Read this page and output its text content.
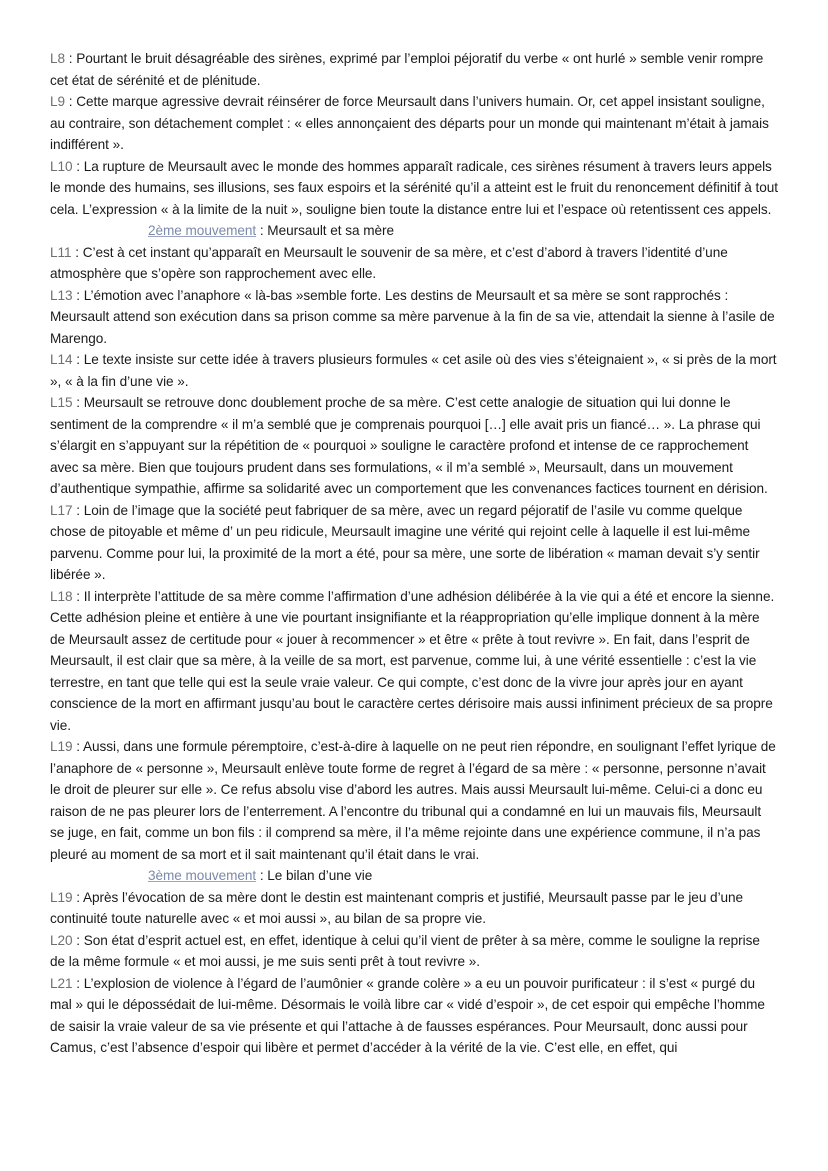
L8 : Pourtant le bruit désagréable des sirènes, exprimé par l’emploi péjoratif du verbe « ont hurlé » semble venir rompre cet état de sérénité et de plénitude.

L9 : Cette marque agressive devrait réinsérer de force Meursault dans l’univers humain. Or, cet appel insistant souligne, au contraire, son détachement complet : « elles annonçaient des départs pour un monde qui maintenant m’était à jamais indifférent ».

L10 : La rupture de Meursault avec le monde des hommes apparaît radicale, ces sirènes résument à travers leurs appels le monde des humains, ses illusions, ses faux espoirs et la sérénité qu’il a atteint est le fruit du renoncement définitif à tout cela. L’expression « à la limite de la nuit », souligne bien toute la distance entre lui et l’espace où retentissent ces appels.

2ème mouvement : Meursault et sa mère

L11 : C’est à cet instant qu’apparaît en Meursault le souvenir de sa mère, et c’est d’abord à travers l’identité d’une atmosphère que s’opère son rapprochement avec elle.

L13 : L’émotion avec l’anaphore « là-bas »semble forte. Les destins de Meursault et sa mère se sont rapprochés : Meursault attend son exécution dans sa prison comme sa mère parvenue à la fin de sa vie, attendait la sienne à l’asile de Marengo.

L14 : Le texte insiste sur cette idée à travers plusieurs formules « cet asile où des vies s’éteignaient », « si près de la mort », « à la fin d’une vie ».

L15 : Meursault se retrouve donc doublement proche de sa mère. C’est cette analogie de situation qui lui donne le sentiment de la comprendre « il m’a semblé que je comprenais pourquoi […] elle avait pris un fiancé… ». La phrase qui s’élargit en s’appuyant sur la répétition de « pourquoi » souligne le caractère profond et intense de ce rapprochement avec sa mère. Bien que toujours prudent dans ses formulations, « il m’a semblé », Meursault, dans un mouvement d’authentique sympathie, affirme sa solidarité avec un comportement que les convenances factices tournent en dérision.

L17 : Loin de l’image que la société peut fabriquer de sa mère, avec un regard péjoratif de l’asile vu comme quelque chose de pitoyable et même d’ un peu ridicule, Meursault imagine une vérité qui rejoint celle à laquelle il est lui-même parvenu. Comme pour lui, la proximité de la mort a été, pour sa mère, une sorte de libération « maman devait s’y sentir libérée ».

L18 : Il interprète l’attitude de sa mère comme l’affirmation d’une adhésion délibérée à la vie qui a été et encore la sienne. Cette adhésion pleine et entière à une vie pourtant insignifiante et la réappropriation qu’elle implique donnent à la mère de Meursault assez de certitude pour « jouer à recommencer » et être « prête à tout revivre ». En fait, dans l’esprit de Meursault, il est clair que sa mère, à la veille de sa mort, est parvenue, comme lui, à une vérité essentielle : c’est la vie terrestre, en tant que telle qui est la seule vraie valeur. Ce qui compte, c’est donc de la vivre jour après jour en ayant conscience de la mort en affirmant jusqu’au bout le caractère certes dérisoire mais aussi infiniment précieux de sa propre vie.

L19 : Aussi, dans une formule péremptoire, c’est-à-dire à laquelle on ne peut rien répondre, en soulignant l’effet lyrique de l’anaphore de « personne », Meursault enlève toute forme de regret à l’égard de sa mère : « personne, personne n’avait le droit de pleurer sur elle ». Ce refus absolu vise d’abord les autres. Mais aussi Meursault lui-même. Celui-ci a donc eu raison de ne pas pleurer lors de l’enterrement. A l’encontre du tribunal qui a condamné en lui un mauvais fils, Meursault se juge, en fait, comme un bon fils : il comprend sa mère, il l’a même rejointe dans une expérience commune, il n’a pas pleuré au moment de sa mort et il sait maintenant qu’il était dans le vrai.

3ème mouvement : Le bilan d’une vie

L19 : Après l’évocation de sa mère dont le destin est maintenant compris et justifié, Meursault passe par le jeu d’une continuité toute naturelle avec « et moi aussi », au bilan de sa propre vie.

L20 : Son état d’esprit actuel est, en effet, identique à celui qu’il vient de prêter à sa mère, comme le souligne la reprise de la même formule « et moi aussi, je me suis senti prêt à tout revivre ».

L21 : L’explosion de violence à l’égard de l’aumônier « grande colère » a eu un pouvoir purificateur : il s’est « purgé du mal » qui le dépossédait de lui-même. Désormais le voilà libre car « vidé d’espoir », de cet espoir qui empêche l’homme de saisir la vraie valeur de sa vie présente et qui l’attache à de fausses espérances. Pour Meursault, donc aussi pour Camus, c’est l’absence d’espoir qui libère et permet d’accéder à la vérité de la vie. C’est elle, en effet, qui
